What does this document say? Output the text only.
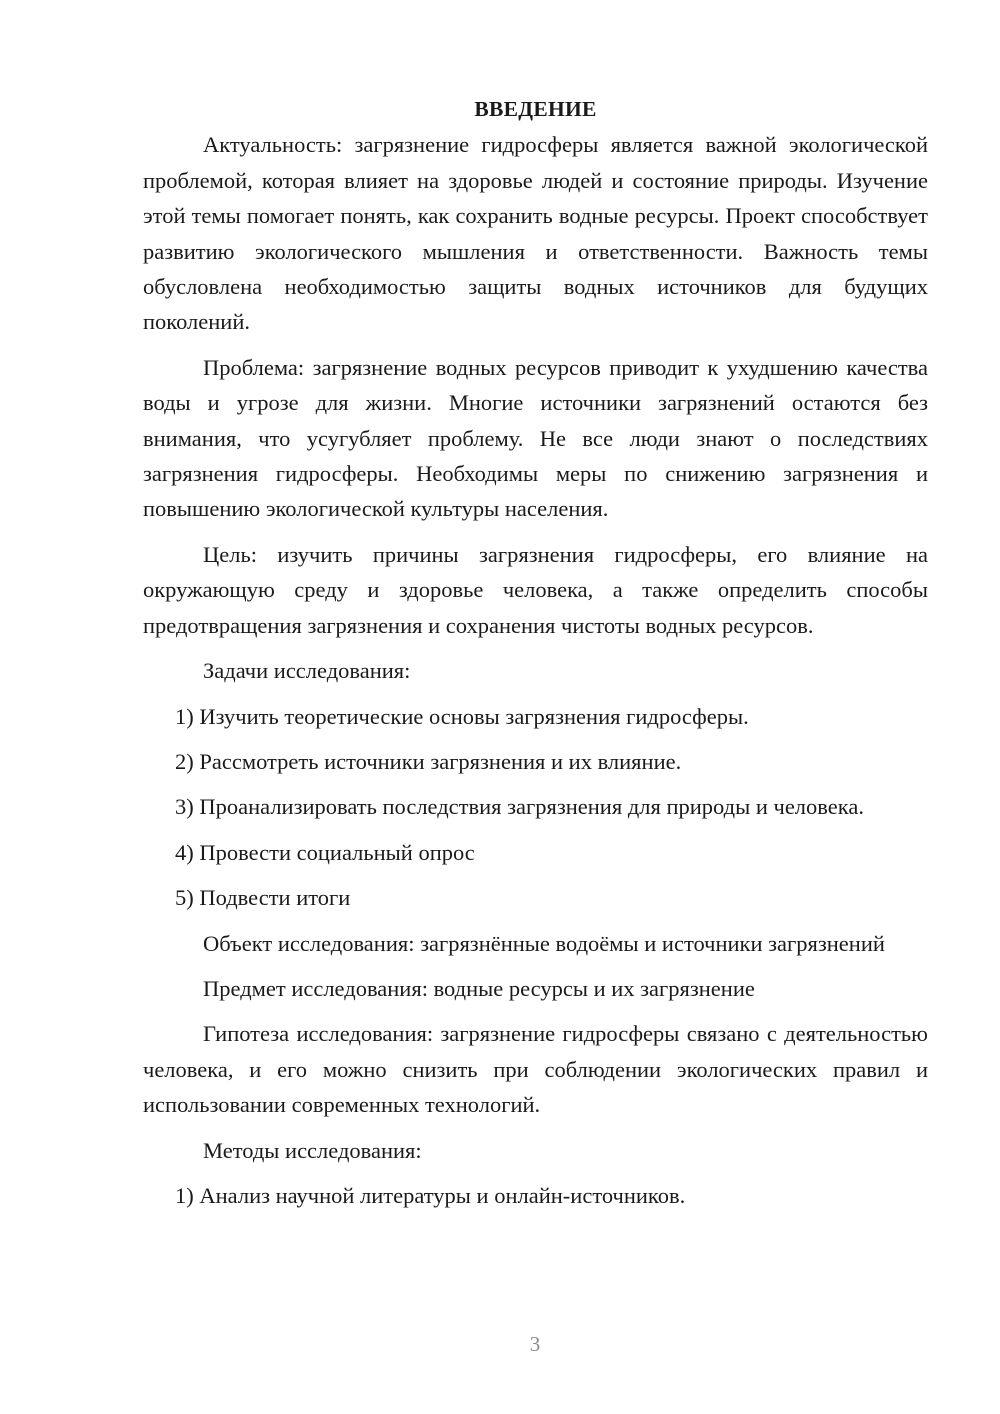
ВВЕДЕНИЕ

Актуальность: загрязнение гидросферы является важной экологической проблемой, которая влияет на здоровье людей и состояние природы. Изучение этой темы помогает понять, как сохранить водные ресурсы. Проект способствует развитию экологического мышления и ответственности. Важность темы обусловлена необходимостью защиты водных источников для будущих поколений.

Проблема: загрязнение водных ресурсов приводит к ухудшению качества воды и угрозе для жизни. Многие источники загрязнений остаются без внимания, что усугубляет проблему. Не все люди знают о последствиях загрязнения гидросферы. Необходимы меры по снижению загрязнения и повышению экологической культуры населения.

Цель: изучить причины загрязнения гидросферы, его влияние на окружающую среду и здоровье человека, а также определить способы предотвращения загрязнения и сохранения чистоты водных ресурсов.

Задачи исследования:

1) Изучить теоретические основы загрязнения гидросферы.

2) Рассмотреть источники загрязнения и их влияние.

3) Проанализировать последствия загрязнения для природы и человека.

4) Провести социальный опрос

5) Подвести итоги

Объект исследования: загрязнённые водоёмы и источники загрязнений

Предмет исследования: водные ресурсы и их загрязнение

Гипотеза исследования: загрязнение гидросферы связано с деятельностью человека, и его можно снизить при соблюдении экологических правил и использовании современных технологий.

Методы исследования:

1) Анализ научной литературы и онлайн-источников.

3
